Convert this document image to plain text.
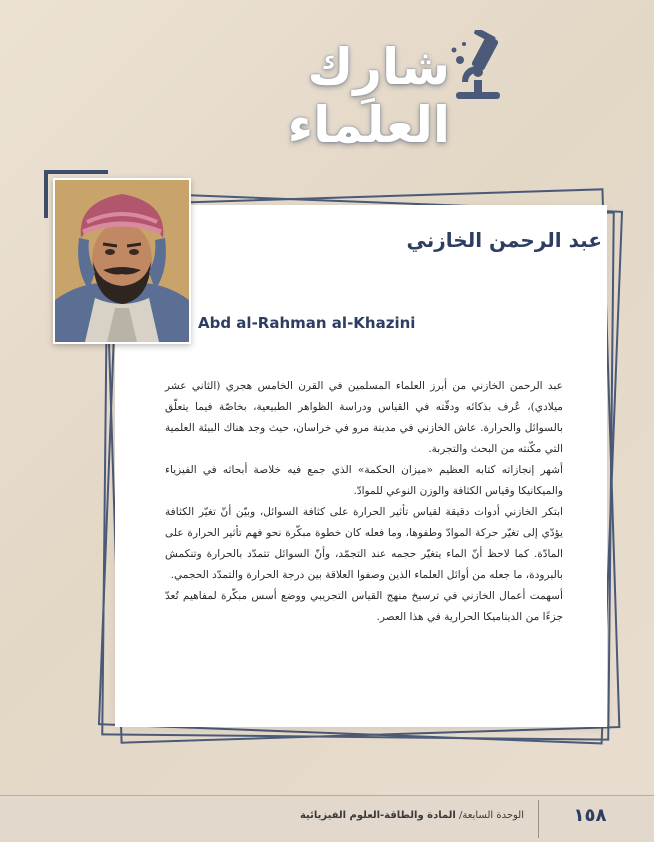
شارِك العلماء
عبد الرحمن الخازني
Abd al-Rahman al-Khazini

عبد الرحمن الخازني من أبرز العلماء المسلمين في القرن الخامس هجري (الثاني عشر ميلادي)، عُرف بذكائه ودقّته في القياس ودراسة الظواهر الطبيعية، بخاصّة فيما يتعلّق بالسوائل والحرارة. عاش الخازني في مدينة مرو في خراسان، حيث وجد هناك البيئة العلمية التي مكّنته من البحث والتجربة.

أشهر إنجازاته كتابه العظيم «ميزان الحكمة» الذي جمع فيه خلاصة أبحاثه في الفيزياء والميكانيكا وقياس الكثافة والوزن النوعي للموادّ.

ابتكر الخازني أدوات دقيقة لقياس تأثير الحرارة على كثافة السوائل، وبيّن أنّ تغيّر الكثافة يؤدّي إلى تغيّر حركة الموادّ وطفوها، وما فعله كان خطوة مبكّرة نحو فهم تأثير الحرارة على المادّة. كما لاحظ أنّ الماء يتغيّر حجمه عند التجمّد، وأنّ السوائل تتمدّد بالحرارة وتنكمش بالبرودة، ما جعله من أوائل العلماء الذين وصفوا العلاقة بين درجة الحرارة والتمدّد الحجمي.

أسهمت أعمال الخازني في ترسيخ منهج القياس التجريبي ووضع أسس مبكّرة لمفاهيم تُعدّ جزءًا من الديناميكا الحرارية في هذا العصر.

الوحدة السابعة/ المادة والطاقة-العلوم الفيزيائية	١٥٨
